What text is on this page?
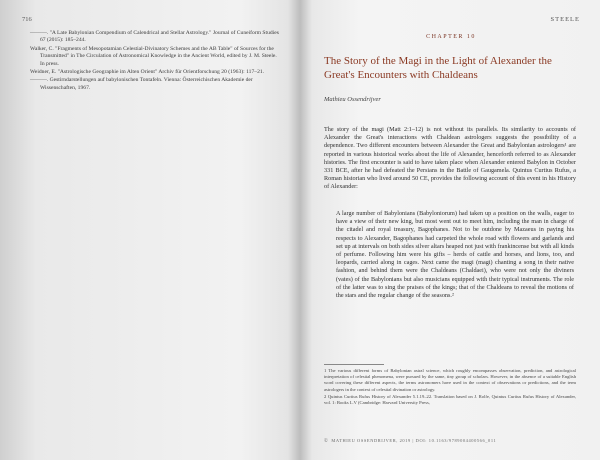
716

———. "A Late Babylonian Compendium of Calendrical and Stellar Astrology." Journal of Cuneiform Studies 67 (2015): 185–244.

Walker, C. "Fragments of Mesopotamian Celestial-Divinatory Schemes and the AB Table" of Sources for the Transmitted" in The Circulation of Astronomical Knowledge in the Ancient World, edited by J. M. Steele. In press.

Weidner, E. "Astrologische Geographie im Alten Orient" Archiv für Orientforschung 20 (1963): 117–21.

———. Gestirndarstellungen auf babylonischen Tontafeln. Vienna: Österreichischen Akademie der Wissenschaften, 1967.

STEELE
CHAPTER 10
The Story of the Magi in the Light of Alexander the Great's Encounters with Chaldeans
Mathieu Ossendrijver

The story of the magi (Matt 2:1–12) is not without its parallels. Its similarity to accounts of Alexander the Great's interactions with Chaldean astrologers suggests the possibility of a dependence. Two different encounters between Alexander the Great and Babylonian astrologers¹ are reported in various historical works about the life of Alexander, henceforth referred to as Alexander histories. The first encounter is said to have taken place when Alexander entered Babylon in October 331 BCE, after he had defeated the Persians in the Battle of Gaugamela. Quintus Curtius Rufus, a Roman historian who lived around 50 CE, provides the following account of this event in his History of Alexander:

A large number of Babylonians (Babyloniorum) had taken up a position on the walls, eager to have a view of their new king, but most went out to meet him, including the man in charge of the citadel and royal treasury, Bagophanes. Not to be outdone by Mazaeus in paying his respects to Alexander, Bagophanes had carpeted the whole road with flowers and garlands and set up at intervals on both sides silver altars heaped not just with frankincense but with all kinds of perfume. Following him were his gifts – herds of cattle and horses, and lions, too, and leopards, carried along in cages. Next came the magi (magi) chanting a song in their native fashion, and behind them were the Chaldeans (Chaldaei), who were not only the diviners (vates) of the Babylonians but also musicians equipped with their typical instruments. The role of the latter was to sing the praises of the kings; that of the Chaldeans to reveal the motions of the stars and the regular change of the seasons.²

1 The various different forms of Babylonian astral science, which roughly encompasses observation, prediction, and astrological interpretation of celestial phenomena, were pursued by the same, tiny group of scholars. However, in the absence of a suitable English word covering these different aspects, the terms astronomers have used in the context of observations or predictions, and the term astrologers in the context of celestial divination or astrology.

2 Quintus Curtius Rufus History of Alexander 5.1.19–22. Translation based on J. Rolfe, Quintus Curtius Rufus History of Alexander, vol. 1: Books I–V (Cambridge: Harvard University Press,

© MATHIEU OSSENDRIJVER, 2019 | DOI: 10.1163/9789004400566_011
